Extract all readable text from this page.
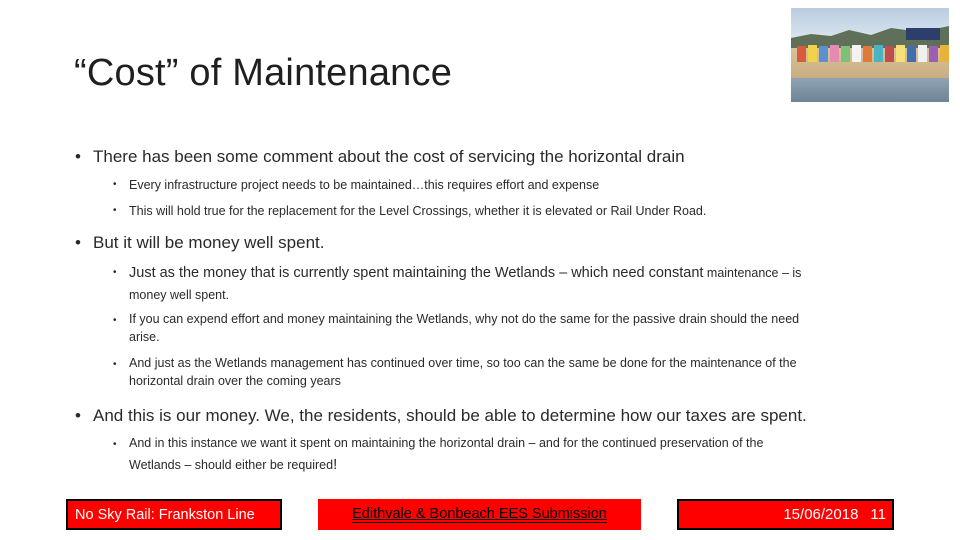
“Cost” of Maintenance
• There has been some comment about the cost of servicing the horizontal drain
• Every infrastructure project needs to be maintained…this requires effort and expense
• This will hold true for the replacement for the Level Crossings, whether it is elevated or Rail Under Road.
• But it will be money well spent.
• Just as the money that is currently spent maintaining the Wetlands – which need constant maintenance – is
money well spent.
• If you can expend effort and money maintaining the Wetlands, why not do the same for the passive drain should the need
arise.
• And just as the Wetlands management has continued over time, so too can the same be done for the maintenance of the
horizontal drain over the coming years
• And this is our money. We, the residents, should be able to determine how our taxes are spent.
• And in this instance we want it spent on maintaining the horizontal drain – and for the continued preservation of the
Wetlands – should either be required!
No Sky Rail: Frankston Line	Edithvale & Bonbeach EES Submission	15/06/2018 11
